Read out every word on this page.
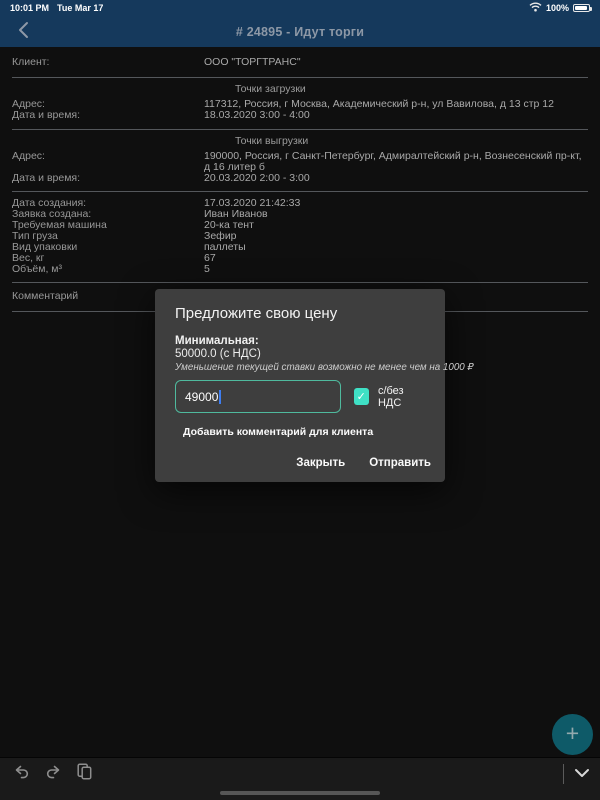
10:01 PM Tue Mar 17	100%
# 24895 - Идут торги
Клиент:	ООО "ТОРГТРАНС"
Точки загрузки
Адрес:	117312, Россия, г Москва, Академический р-н, ул Вавилова, д 13 стр 12
Дата и время:	18.03.2020 3:00 - 4:00
Точки выгрузки
Адрес:	190000, Россия, г Санкт-Петербург, Адмиралтейский р-н, Вознесенский пр-кт, д 16 литер б
Дата и время:	20.03.2020 2:00 - 3:00
Дата создания:	17.03.2020 21:42:33
Заявка создана:	Иван Иванов
Требуемая машина	20-ка тент
Тип груза	Зефир
Вид упаковки	паллеты
Вес, кг	67
Объём, м³	5
Комментарий
Предложите свою цену
Минимальная:
50000.0 (с НДС)
Уменьшение текущей ставки возможно не менее чем на 1000 ₽
49000	✓
с/без НДС
Добавить комментарий для клиента
Закрыть Отправить
+
